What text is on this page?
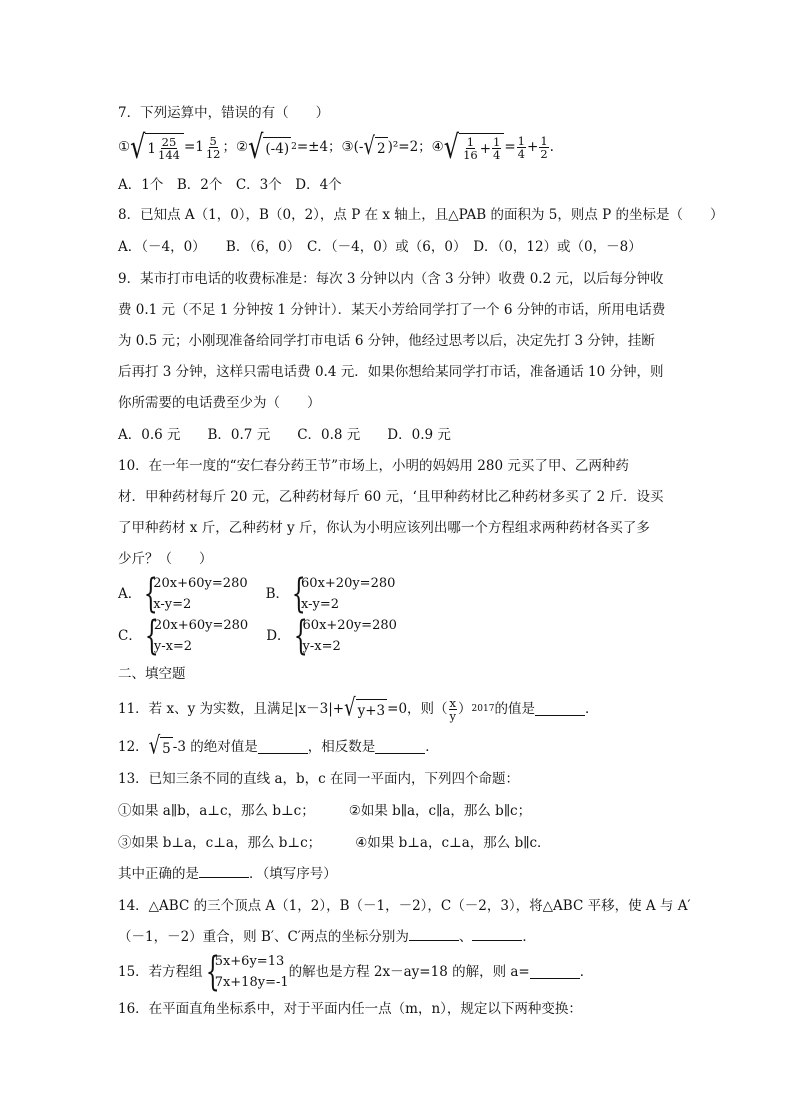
7．下列运算中，错误的有（　　）
① √ $1 \frac{25}{144} =1 \frac{5}{12}$ ； ② √ (-4) 2 =±4； ③ (- √ 2 )²=2； ④ √ $\frac{1}{16} + \frac{1}{4} = \frac{1}{4} + \frac{1}{2}$ .
A．1个　B．2个　C．3个　D．4个
8．已知点 A（1，0），B（0，2），点 P 在 x 轴上，且△PAB 的面积为 5，则点 P 的坐标是（　　）
A．（－4，0）　　B．（6，0）　C．（－4，0）或（6，0）　D．（0，12）或（0，－8）
9．某市打市电话的收费标准是：每次 3 分钟以内（含 3 分钟）收费 0.2 元，以后每分钟收
费 0.1 元（不足 1 分钟按 1 分钟计）．某天小芳给同学打了一个 6 分钟的市话，所用电话费
为 0.5 元；小刚现准备给同学打市电话 6 分钟，他经过思考以后，决定先打 3 分钟，挂断
后再打 3 分钟，这样只需电话费 0.4 元．如果你想给某同学打市话，准备通话 10 分钟，则
你所需要的电话费至少为（　　）
A．0.6 元　　B．0.7 元　　C．0.8 元　　D．0.9 元
10．在一年一度的“安仁春分药王节”市场上，小明的妈妈用 280 元买了甲、乙两种药
材．甲种药材每斤 20 元，乙种药材每斤 60 元，‘且甲种药材比乙种药材多买了 2 斤．设买
了甲种药材 x 斤，乙种药材 y 斤，你认为小明应该列出哪一个方程组求两种药材各买了多
少斤？（　　）
A． {
20x+60y=280
x-y=2
B． {
60x+20y=280
x-y=2
C． {
20x+60y=280
y-x=2
D． {
60x+20y=280
y-x=2
二、填空题
11．若 x、y 为实数，且满足|x－3|+ √ y+3 =0，则（ $\frac{x}{y}$ ） 2017 的值是	．
12． √ 5 -3 的绝对值是	，相反数是	．
13．已知三条不同的直线 a，b，c 在同一平面内，下列四个命题：
①如果 a∥b，a⊥c，那么 b⊥c；	②如果 b∥a，c∥a，那么 b∥c；
③如果 b⊥a，c⊥a，那么 b⊥c；	④如果 b⊥a，c⊥a，那么 b∥c．
其中正确的是	．（填写序号）
14．△ABC 的三个顶点 A（1，2），B（－1，－2），C（－2，3），将△ABC 平移，使 A 与 A′
（－1，－2）重合，则 B′、C′两点的坐标分别为	、	．
15．若方程组 {
5x+6y=13
7x+18y=-1
的解也是方程 2x－ay=18 的解，则 a=	．
16．在平面直角坐标系中，对于平面内任一点（m，n），规定以下两种变换：
